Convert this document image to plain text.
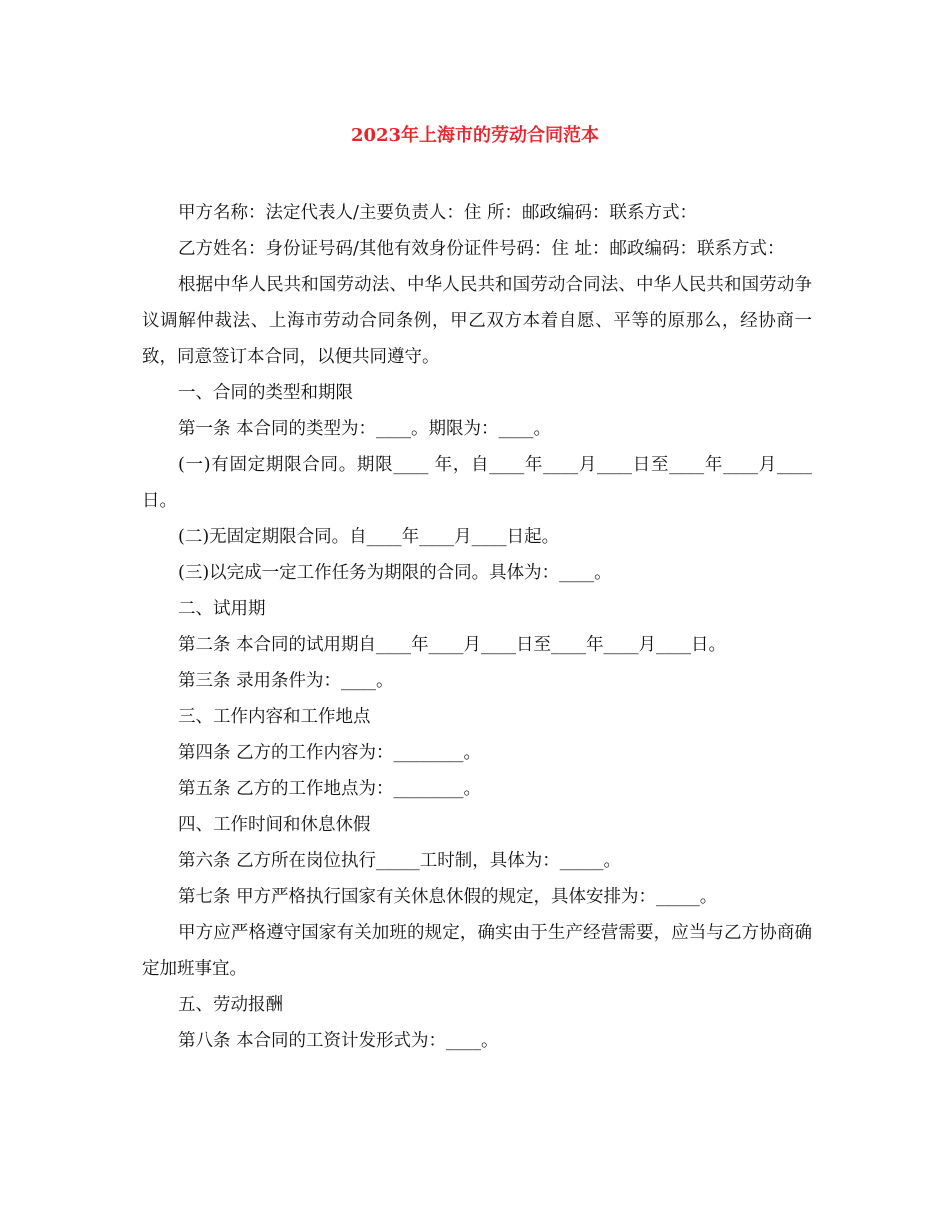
2023年上海市的劳动合同范本

甲方名称：法定代表人/主要负责人：住 所：邮政编码：联系方式：

乙方姓名：身份证号码/其他有效身份证件号码：住 址：邮政编码：联系方式：

根据中华人民共和国劳动法、中华人民共和国劳动合同法、中华人民共和国劳动争议调解仲裁法、上海市劳动合同条例，甲乙双方本着自愿、平等的原那么，经协商一致，同意签订本合同，以便共同遵守。

一、合同的类型和期限

第一条 本合同的类型为：____。期限为：____。

(一)有固定期限合同。期限____ 年，自____年____月____日至____年____月____日。

(二)无固定期限合同。自____年____月____日起。

(三)以完成一定工作任务为期限的合同。具体为：____。

二、试用期

第二条 本合同的试用期自____年____月____日至____年____月____日。

第三条 录用条件为：____。

三、工作内容和工作地点

第四条 乙方的工作内容为：________。

第五条 乙方的工作地点为：________。

四、工作时间和休息休假

第六条 乙方所在岗位执行_____工时制，具体为：_____。

第七条 甲方严格执行国家有关休息休假的规定，具体安排为：_____。

甲方应严格遵守国家有关加班的规定，确实由于生产经营需要，应当与乙方协商确定加班事宜。

五、劳动报酬

第八条 本合同的工资计发形式为：____。
